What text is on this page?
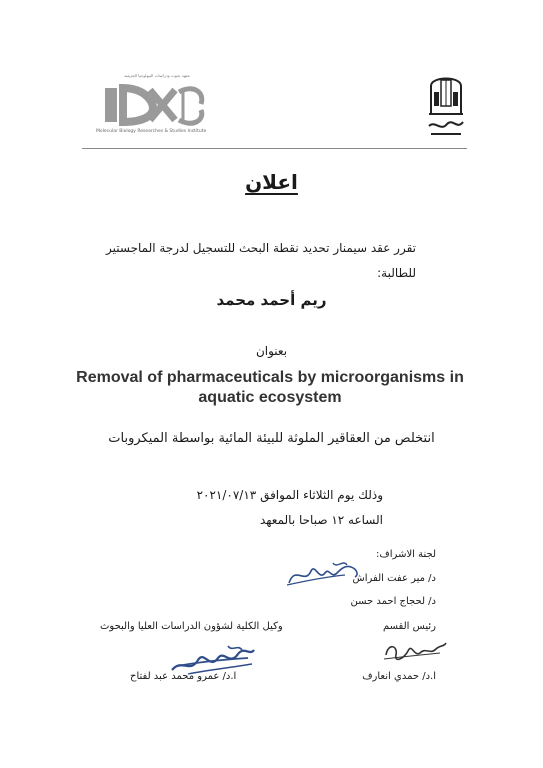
معهد بحوث ودراسات البيولوجيا الجزيئية
Molecular Biology Researches & Studies Institute
اعلان
تقرر عقد سيمنار تحديد نقطة البحث للتسجيل لدرجة الماجستير
للطالبة:
ريم أحمد محمد
بعنوان
Removal of pharmaceuticals by microorganisms in aquatic ecosystem
انتخلص من العقاقير الملوثة للبيئة المائية بواسطة الميكروبات
وذلك يوم الثلاثاء الموافق ٢٠٢١/٠٧/١٣
الساعه ١٢ صباحا بالمعهد
لجنة الاشراف:
د/ مير عفت الفراش
د/ لحجاج احمد حسن
رئيس القسم
ا.د/ حمدي انعارف
وكيل الكلية لشؤون الدراسات العليا والبحوث
ا.د/ عمرو محمد عبد لفتاح
